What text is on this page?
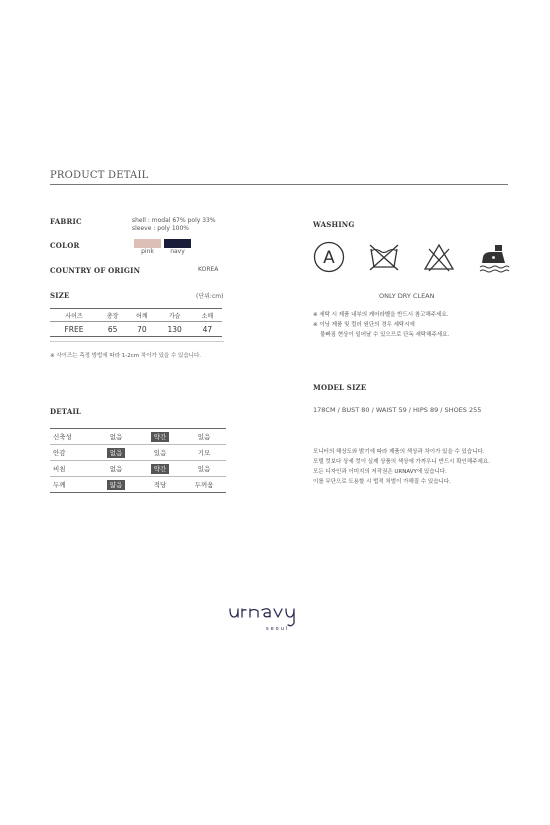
PRODUCT DETAIL
FABRIC	shell : modal 67% poly 33%
sleeve : poly 100%
COLOR
pink	navy
COUNTRY OF ORIGIN	KOREA
SIZE	(단위:cm)
사이즈	총장	어깨	가슴	소매
FREE	65	70	130	47
※ 사이즈는 측정 방법에 따라 1-2cm 차이가 있을 수 있습니다.
DETAIL
신축성	없음	약간	있음
안감	없음	있음	기모
비침	없음	약간	있음
두께	얇음	적당	두꺼움
WASHING
A
ONLY DRY CLEAN
※ 세탁 시 제품 내부의 케어라벨을 반드시 참고해주세요.
※ 이닝 제품 및 컬러 원단의 경우 세탁시에
물빠짐 현상이 일어날 수 있으므로 단독 세탁해주세요.
MODEL SIZE
178CM / BUST 80 / WAIST 59 / HIPS 89 / SHOES 255
모니터의 해상도와 밝기에 따라 제품의 색상과 차이가 있을 수 있습니다.
모델 컷보다 상세 컷이 실제 상품의 색상에 가까우니 반드시 확인해주세요.
모든 디자인과 이미지의 저작권은 URNAVY에 있습니다.
이를 무단으로 도용할 시 법적 처벌이 가해질 수 있습니다.
seoul
